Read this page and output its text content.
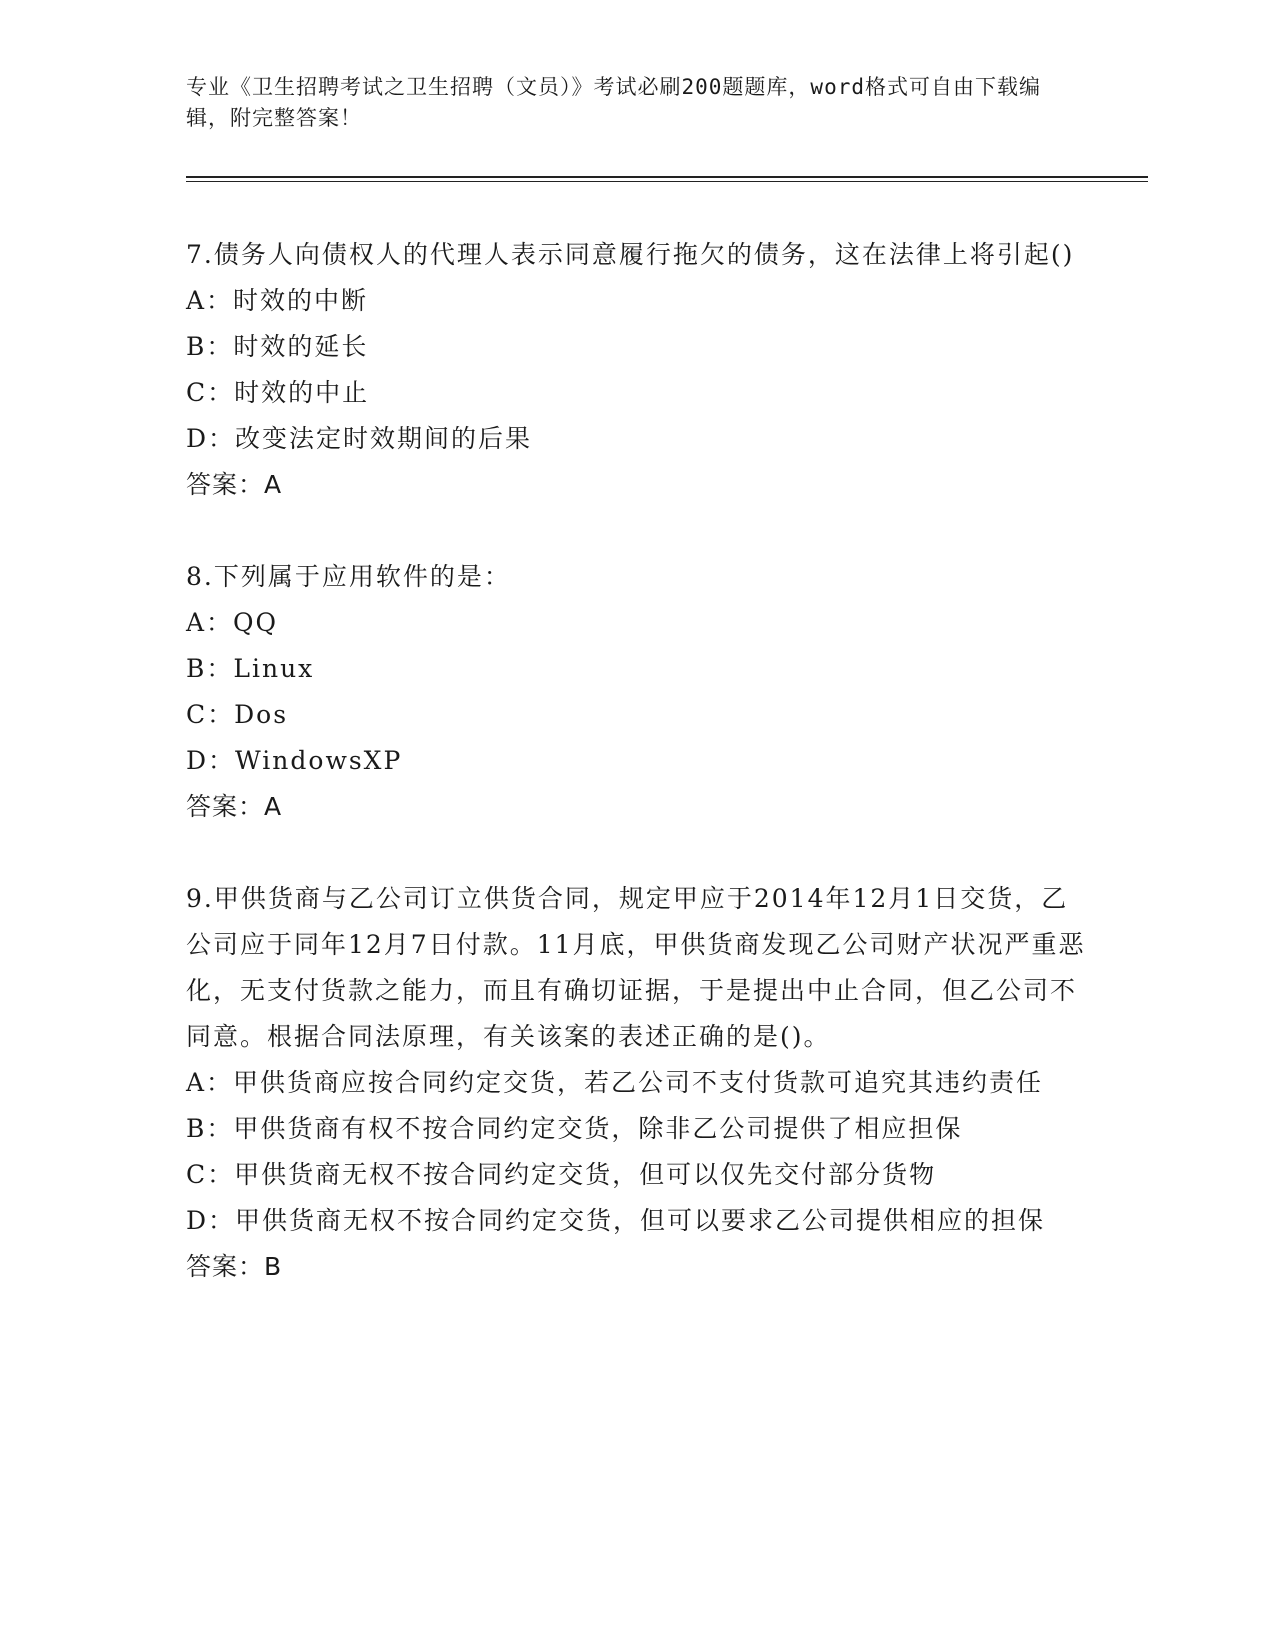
专业《卫生招聘考试之卫生招聘（文员）》考试必刷200题题库，word格式可自由下载编辑，附完整答案！
7.债务人向债权人的代理人表示同意履行拖欠的债务，这在法律上将引起()
A：时效的中断
B：时效的延长
C：时效的中止
D：改变法定时效期间的后果
答案：A
8.下列属于应用软件的是：
A：QQ
B：Linux
C：Dos
D：WindowsXP
答案：A
9.甲供货商与乙公司订立供货合同，规定甲应于2014年12月1日交货，乙公司应于同年12月7日付款。11月底，甲供货商发现乙公司财产状况严重恶化，无支付货款之能力，而且有确切证据，于是提出中止合同，但乙公司不同意。根据合同法原理，有关该案的表述正确的是()。
A：甲供货商应按合同约定交货，若乙公司不支付货款可追究其违约责任
B：甲供货商有权不按合同约定交货，除非乙公司提供了相应担保
C：甲供货商无权不按合同约定交货，但可以仅先交付部分货物
D：甲供货商无权不按合同约定交货，但可以要求乙公司提供相应的担保
答案：B
